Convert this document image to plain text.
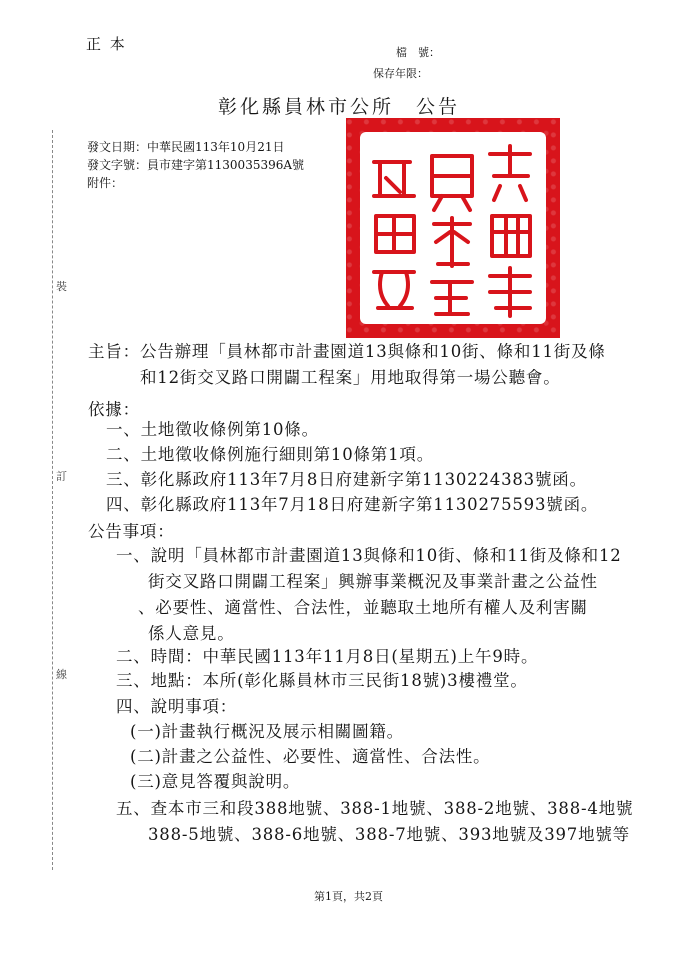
正 本	檔　號：
保存年限：
彰化縣員林市公所　公告
發文日期：中華民國113年10月21日
發文字號：員市建字第1130035396A號
附件：
裝
訂
線

主旨： 公告辦理「員林都市計畫園道13與條和10街、條和11街及條
和12街交叉路口開闢工程案」用地取得第一場公聽會。
依據：
一、土地徵收條例第10條。
二、土地徵收條例施行細則第10條第1項。
三、彰化縣政府113年7月8日府建新字第1130224383號函。
四、彰化縣政府113年7月18日府建新字第1130275593號函。
公告事項：
一、說明「員林都市計畫園道13與條和10街、條和11街及條和12
街交叉路口開闢工程案」興辦事業概況及事業計畫之公益性
、必要性、適當性、合法性，並聽取土地所有權人及利害關
係人意見。
二、時間：中華民國113年11月8日(星期五)上午9時。
三、地點：本所(彰化縣員林市三民街18號)3樓禮堂。
四、說明事項：
(一)計畫執行概況及展示相關圖籍。
(二)計畫之公益性、必要性、適當性、合法性。
(三)意見答覆與說明。
五、查本市三和段388地號、388-1地號、388-2地號、388-4地號
388-5地號、388-6地號、388-7地號、393地號及397地號等
第1頁，共2頁
